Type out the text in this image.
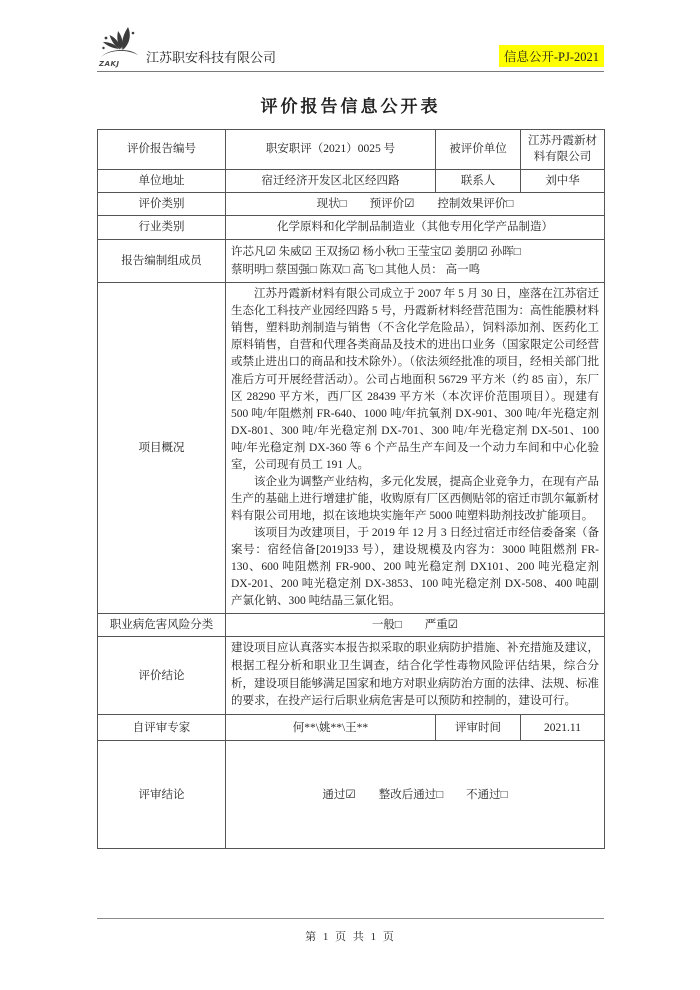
ZAKJ 江苏职安科技有限公司	信息公开-PJ-2021
评价报告信息公开表
评价报告编号	职安职评（2021）0025 号	被评价单位	江苏丹霞新材料有限公司
单位地址	宿迁经济开发区北区经四路	联系人	刘中华
评价类别	现状□　　预评价☑　　控制效果评价□		
行业类别	化学原料和化学制品制造业（其他专用化学产品制造）		
报告编制组成员	许芯凡☑ 朱威☑ 王双扬☑ 杨小秋□ 王莹宝☑ 姜朋☑ 孙晖□
蔡明明□ 蔡国强□ 陈双□ 高飞□ 其他人员： 高一鸣		

项目概况	江苏丹霞新材料有限公司成立于 2007 年 5 月 30 日，座落在江苏宿迁生态化工科技产业园经四路 5 号，丹霞新材料经营范围为：高性能膜材料销售，塑料助剂制造与销售（不含化学危险品），饲料添加剂、医药化工原料销售，自营和代理各类商品及技术的进出口业务（国家限定公司经营或禁止进出口的商品和技术除外）。（依法须经批准的项目，经相关部门批准后方可开展经营活动）。公司占地面积 56729 平方米（约 85 亩），东厂区 28290 平方米，西厂区 28439 平方米（本次评价范围项目）。现建有 500 吨/年阻燃剂 FR-640、1000 吨/年抗氧剂 DX-901、300 吨/年光稳定剂 DX-801、300 吨/年光稳定剂 DX-701、300 吨/年光稳定剂 DX-501、100 吨/年光稳定剂 DX-360 等 6 个产品生产车间及一个动力车间和中心化验室，公司现有员工 191 人。

该企业为调整产业结构，多元化发展，提高企业竞争力，在现有产品生产的基础上进行增建扩能，收购原有厂区西侧贴邻的宿迁市凯尔氟新材料有限公司用地，拟在该地块实施年产 5000 吨塑料助剂技改扩能项目。

该项目为改建项目，于 2019 年 12 月 3 日经过宿迁市经信委备案（备案号：宿经信备[2019]33 号），建设规模及内容为：3000 吨阻燃剂 FR-130、600 吨阻燃剂 FR-900、200 吨光稳定剂 DX101、200 吨光稳定剂 DX-201、200 吨光稳定剂 DX-3853、100 吨光稳定剂 DX-508、400 吨副产氯化钠、300 吨结晶三氯化铝。		

职业病危害风险分类	一般□　　严重☑		
评价结论	建设项目应认真落实本报告拟采取的职业病防护措施、补充措施及建议，根据工程分析和职业卫生调查，结合化学性毒物风险评估结果，综合分析，建设项目能够满足国家和地方对职业病防治方面的法律、法规、标准的要求，在投产运行后职业病危害是可以预防和控制的，建设可行。		

自评审专家	何**\姚**\王**	评审时间	2021.11
评审结论	通过☑　　整改后通过□　　不通过□		
第 1 页 共 1 页
